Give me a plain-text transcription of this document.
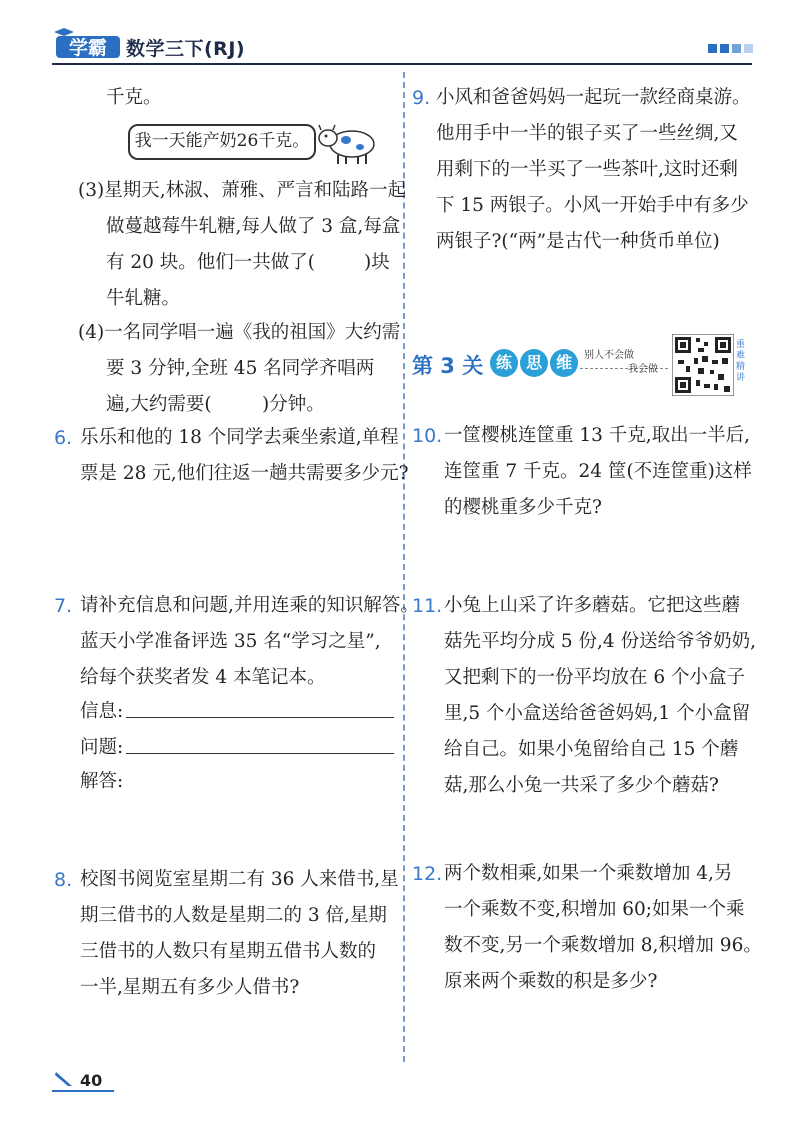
学霸 数学三下(RJ)
千克。
我一天能产奶26千克。
(3)星期天,林淑、萧雅、严言和陆路一起
做蔓越莓牛轧糖,每人做了 3 盒,每盒
有 20 块。他们一共做了(	)块
牛轧糖。
(4)一名同学唱一遍《我的祖国》大约需
要 3 分钟,全班 45 名同学齐唱两
遍,大约需要(	)分钟。
6. 乐乐和他的 18 个同学去乘坐索道,单程
票是 28 元,他们往返一趟共需要多少元?
7. 请补充信息和问题,并用连乘的知识解答。
蓝天小学准备评选 35 名“学习之星”,
给每个获奖者发 4 本笔记本。
信息:
问题:
解答:
8. 校图书阅览室星期二有 36 人来借书,星
期三借书的人数是星期二的 3 倍,星期
三借书的人数只有星期五借书人数的
一半,星期五有多少人借书?
9. 小风和爸爸妈妈一起玩一款经商桌游。
他用手中一半的银子买了一些丝绸,又
用剩下的一半买了一些茶叶,这时还剩
下 15 两银子。小风一开始手中有多少
两银子?(“两”是古代一种货币单位)
第 3 关 练 思 维	别人不会做
我会做
重难精讲
10. 一筐樱桃连筐重 13 千克,取出一半后,
连筐重 7 千克。24 筐(不连筐重)这样
的樱桃重多少千克?
11. 小兔上山采了许多蘑菇。它把这些蘑
菇先平均分成 5 份,4 份送给爷爷奶奶,
又把剩下的一份平均放在 6 个小盒子
里,5 个小盒送给爸爸妈妈,1 个小盒留
给自己。如果小兔留给自己 15 个蘑
菇,那么小兔一共采了多少个蘑菇?
12. 两个数相乘,如果一个乘数增加 4,另
一个乘数不变,积增加 60;如果一个乘
数不变,另一个乘数增加 8,积增加 96。
原来两个乘数的积是多少?
40
